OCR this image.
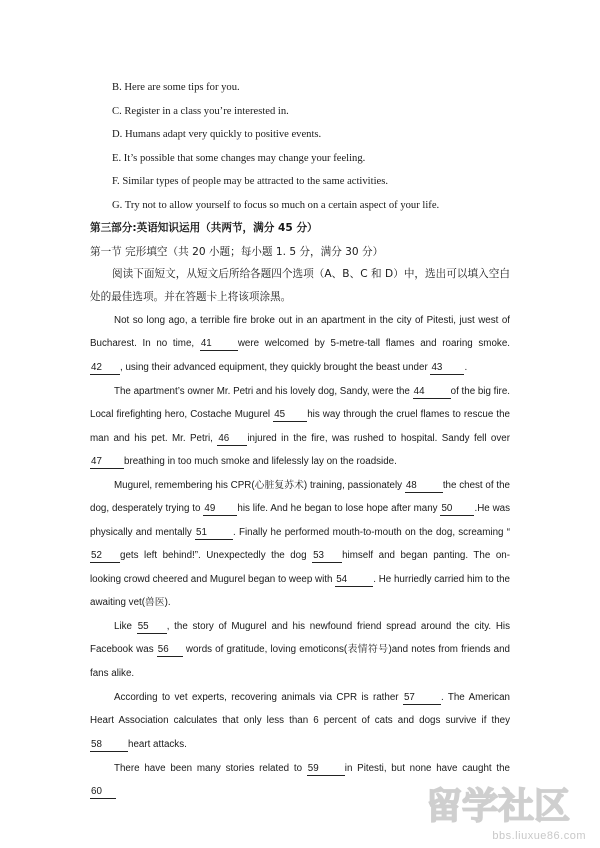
B. Here are some tips for you.
C. Register in a class you’re interested in.
D. Humans adapt very quickly to positive events.
E. It’s possible that some changes may change your feeling.
F. Similar types of people may be attracted to the same activities.
G. Try not to allow yourself to focus so much on a certain aspect of your life.
第三部分:英语知识运用（共两节，满分 45 分）
第一节 完形填空（共 20 小题；每小题 1. 5 分，满分 30 分）
阅读下面短文，从短文后所给各题四个选项（A、B、C 和 D）中，选出可以填入空白处的最佳选项。并在答题卡上将该项涂黑。
Not so long ago, a terrible fire broke out in an apartment in the city of Pitesti, just west of Bucharest. In no time, 41	were welcomed by 5-metre-tall flames and roaring smoke. 42 , using their advanced equipment, they quickly brought the beast under 43 .
The apartment’s owner Mr. Petri and his lovely dog, Sandy, were the 44	of the big fire. Local firefighting hero, Costache Mugurel 45 his way through the cruel flames to rescue the man and his pet. Mr. Petri, 46 injured in the fire, was rushed to hospital. Sandy fell over 47 breathing in too much smoke and lifelessly lay on the roadside.
Mugurel, remembering his CPR(心脏复苏术) training, passionately 48	the chest of the dog, desperately trying to 49 his life. And he began to lose hope after many 50 .He was physically and mentally 51	. Finally he performed mouth-to-mouth on the dog, screaming “52 gets left behind!”. Unexpectedly the dog 53 himself and began panting. The on-looking crowd cheered and Mugurel began to weep with 54	. He hurriedly carried him to the awaiting vet(兽医).
Like 55 , the story of Mugurel and his newfound friend spread around the city. His Facebook was 56 words of gratitude, loving emoticons(表情符号)and notes from friends and fans alike.
According to vet experts, recovering animals via CPR is rather 57	. The American Heart Association calculates that only less than 6 percent of cats and dogs survive if they 58	heart attacks.
There have been many stories related to 59	in Pitesti, but none have caught the 60	留学社区
bbs.liuxue86.com
